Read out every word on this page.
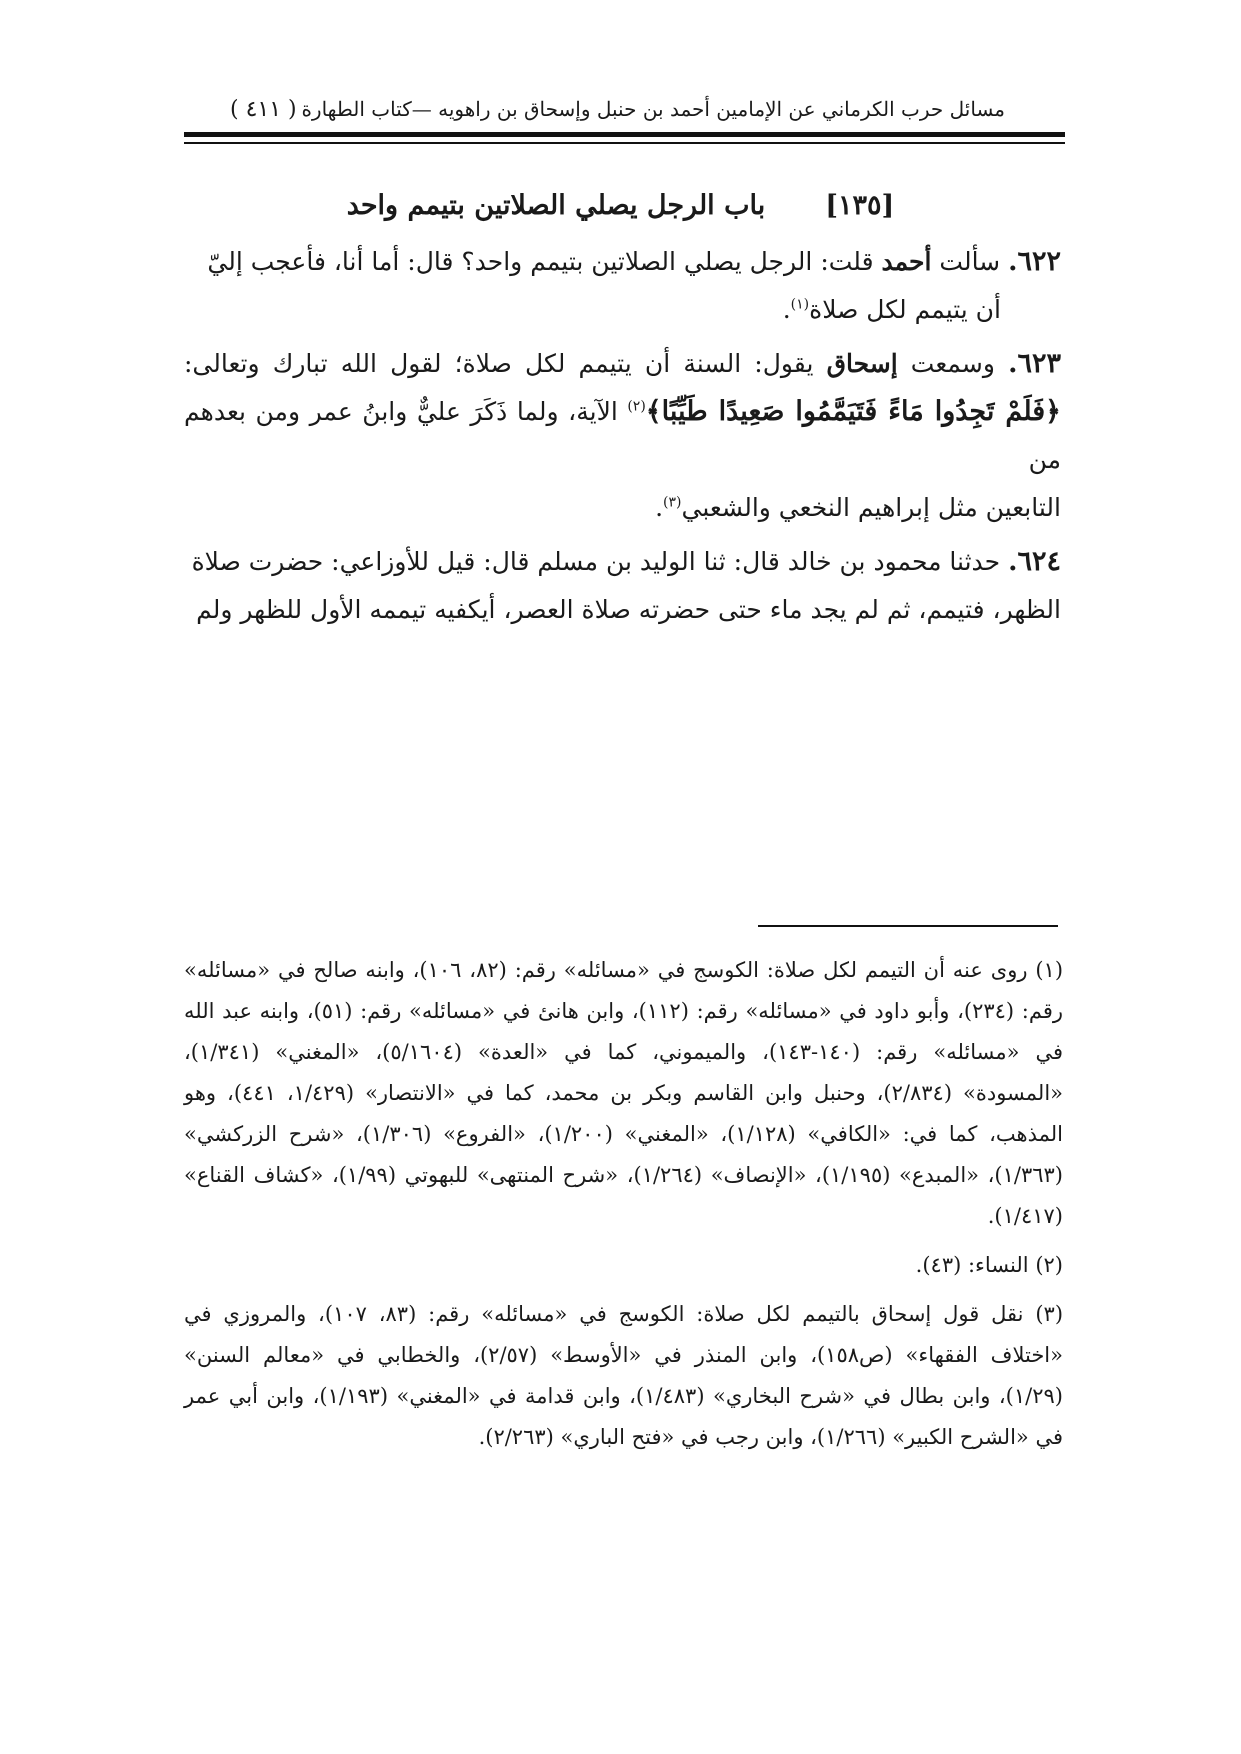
مسائل حرب الكرماني عن الإمامين أحمد بن حنبل وإسحاق بن راهويه —كتاب الطهارة
( ٤١١ )
[١٣٥]
باب الرجل يصلي الصلاتين بتيمم واحد

٦٢٢. سألت أحمد قلت: الرجل يصلي الصلاتين بتيمم واحد؟ قال: أما أنا، فأعجب إليّ
أن يتيمم لكل صلاة$^{(١)}$.

٦٢٣. وسمعت إسحاق يقول: السنة أن يتيمم لكل صلاة؛ لقول الله تبارك وتعالى: ﴿فَلَمْ تَجِدُوا مَاءً فَتَيَمَّمُوا صَعِيدًا طَيِّبًا﴾$^{(٢)}$ الآية، ولما ذَكَرَ عليٌّ وابنُ عمر ومن بعدهم من
التابعين مثل إبراهيم النخعي والشعبي$^{(٣)}$.

٦٢٤. حدثنا محمود بن خالد قال: ثنا الوليد بن مسلم قال: قيل للأوزاعي: حضرت صلاة
الظهر، فتيمم، ثم لم يجد ماء حتى حضرته صلاة العصر، أيكفيه تيممه الأول للظهر ولم

(١) روى عنه أن التيمم لكل صلاة: الكوسج في «مسائله» رقم: (٨٢، ١٠٦)، وابنه صالح في «مسائله» رقم: (٢٣٤)، وأبو داود في «مسائله» رقم: (١١٢)، وابن هانئ في «مسائله» رقم: (٥١)، وابنه عبد الله في «مسائله» رقم: (١٤٠-١٤٣)، والميموني، كما في «العدة» (٥/١٦٠٤)، «المغني» (١/٣٤١)، «المسودة» (٢/٨٣٤)، وحنبل وابن القاسم وبكر بن محمد، كما في «الانتصار» (١/٤٢٩، ٤٤١)، وهو المذهب، كما في: «الكافي» (١/١٢٨)، «المغني» (١/٢٠٠)، «الفروع» (١/٣٠٦)، «شرح الزركشي» (١/٣٦٣)، «المبدع» (١/١٩٥)، «الإنصاف» (١/٢٦٤)، «شرح المنتهى» للبهوتي (١/٩٩)، «كشاف القناع» (١/٤١٧).

(٢) النساء: (٤٣).

(٣) نقل قول إسحاق بالتيمم لكل صلاة: الكوسج في «مسائله» رقم: (٨٣، ١٠٧)، والمروزي في «اختلاف الفقهاء» (ص١٥٨)، وابن المنذر في «الأوسط» (٢/٥٧)، والخطابي في «معالم السنن» (١/٢٩)، وابن بطال في «شرح البخاري» (١/٤٨٣)، وابن قدامة في «المغني» (١/١٩٣)، وابن أبي عمر في «الشرح الكبير» (١/٢٦٦)، وابن رجب في «فتح الباري» (٢/٢٦٣).
